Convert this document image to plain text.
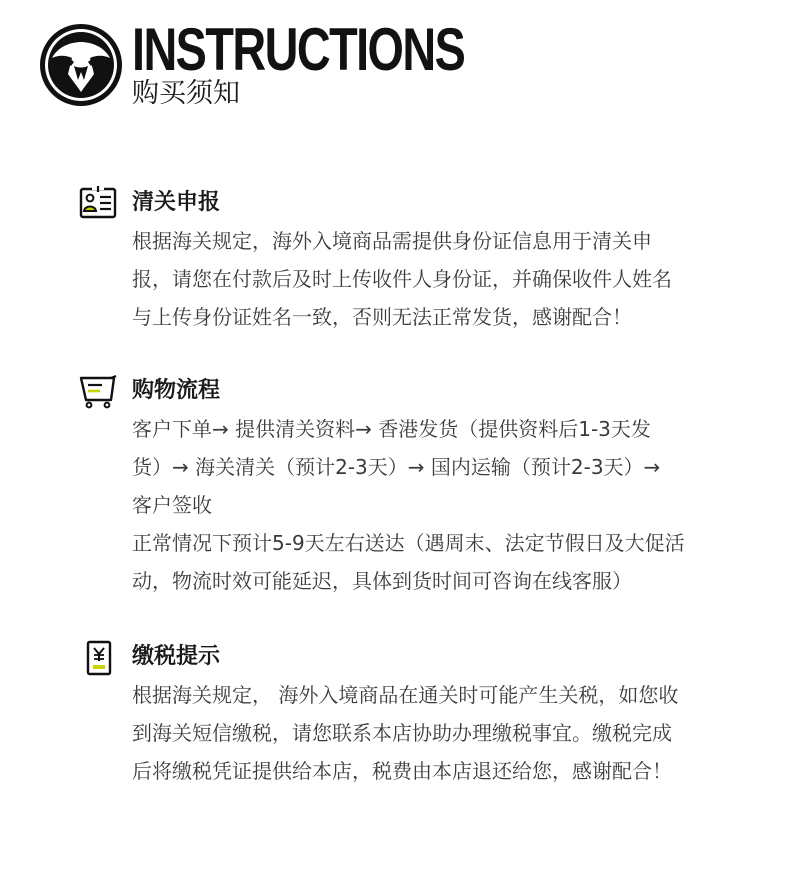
INSTRUCTIONS
购买须知
清关申报
根据海关规定，海外入境商品需提供身份证信息用于清关申
报，请您在付款后及时上传收件人身份证，并确保收件人姓名
与上传身份证姓名一致，否则无法正常发货，感谢配合！
购物流程
客户下单→ 提供清关资料→ 香港发货（提供资料后1-3天发
货）→ 海关清关（预计2-3天）→ 国内运输（预计2-3天）→
客户签收
正常情况下预计5-9天左右送达（遇周末、法定节假日及大促活
动，物流时效可能延迟，具体到货时间可咨询在线客服）
缴税提示
根据海关规定， 海外入境商品在通关时可能产生关税，如您收
到海关短信缴税，请您联系本店协助办理缴税事宜。缴税完成
后将缴税凭证提供给本店，税费由本店退还给您，感谢配合！
